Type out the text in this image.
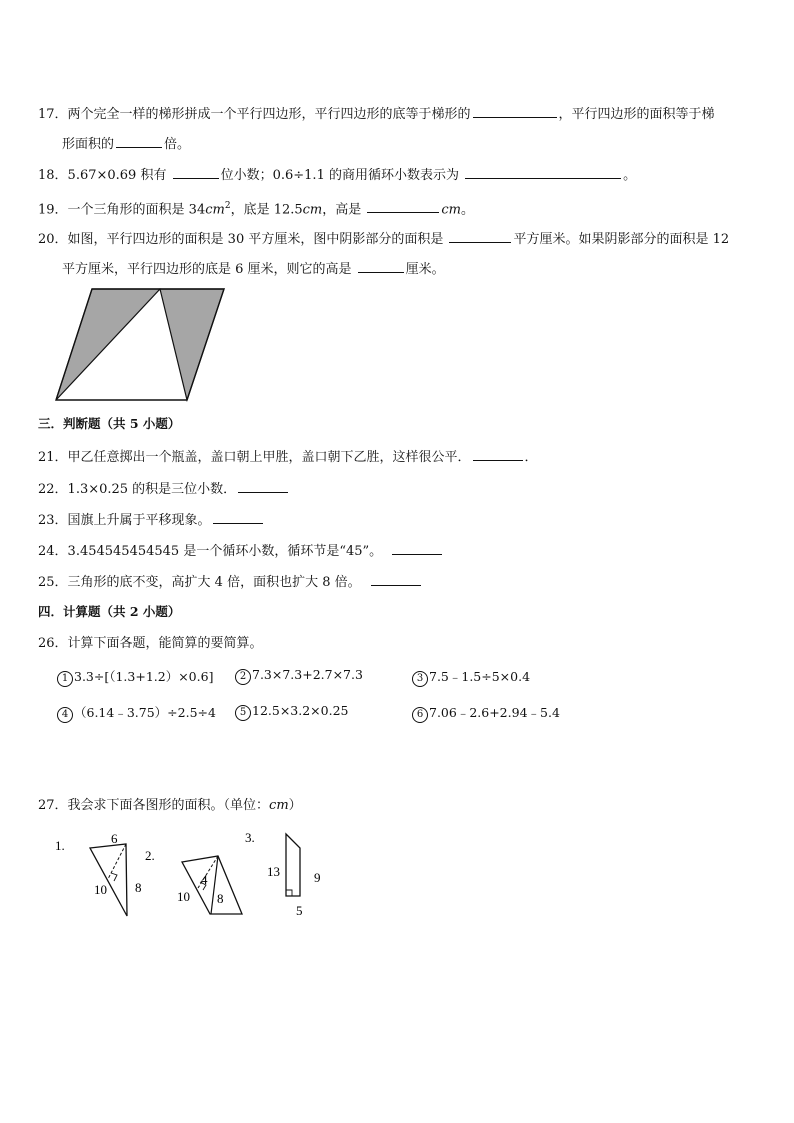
17．两个完全一样的梯形拼成一个平行四边形，平行四边形的底等于梯形的	，平行四边形的面积等于梯
形面积的	倍。
18．5.67×0.69 积有	位小数；0.6÷1.1 的商用循环小数表示为	。
19．一个三角形的面积是 $34cm^2$，底是 12.5cm，高是	cm。
20．如图，平行四边形的面积是 30 平方厘米，图中阴影部分的面积是	平方厘米。如果阴影部分的面积是 12
平方厘米，平行四边形的底是 6 厘米，则它的高是	厘米。
三．判断题（共 5 小题）
21．甲乙任意掷出一个瓶盖，盖口朝上甲胜，盖口朝下乙胜，这样很公平．	．
22．1.3×0.25 的积是三位小数．
23．国旗上升属于平移现象。
24．3.454545454545 是一个循环小数，循环节是“45”。
25．三角形的底不变，高扩大 4 倍，面积也扩大 8 倍。
四．计算题（共 2 小题）
26．计算下面各题，能简算的要简算。
1 3.3÷[（1.3+1.2）×0.6]	2 7.3×7.3+2.7×7.3	3 7.5﹣1.5÷5×0.4
4 （6.14﹣3.75）÷2.5÷4	5 12.5×3.2×0.25	6 7.06﹣2.6+2.94﹣5.4
27．我会求下面各图形的面积。（单位：cm）
1.	6
10 8
2.
4
10 8
3.
13	9
5
